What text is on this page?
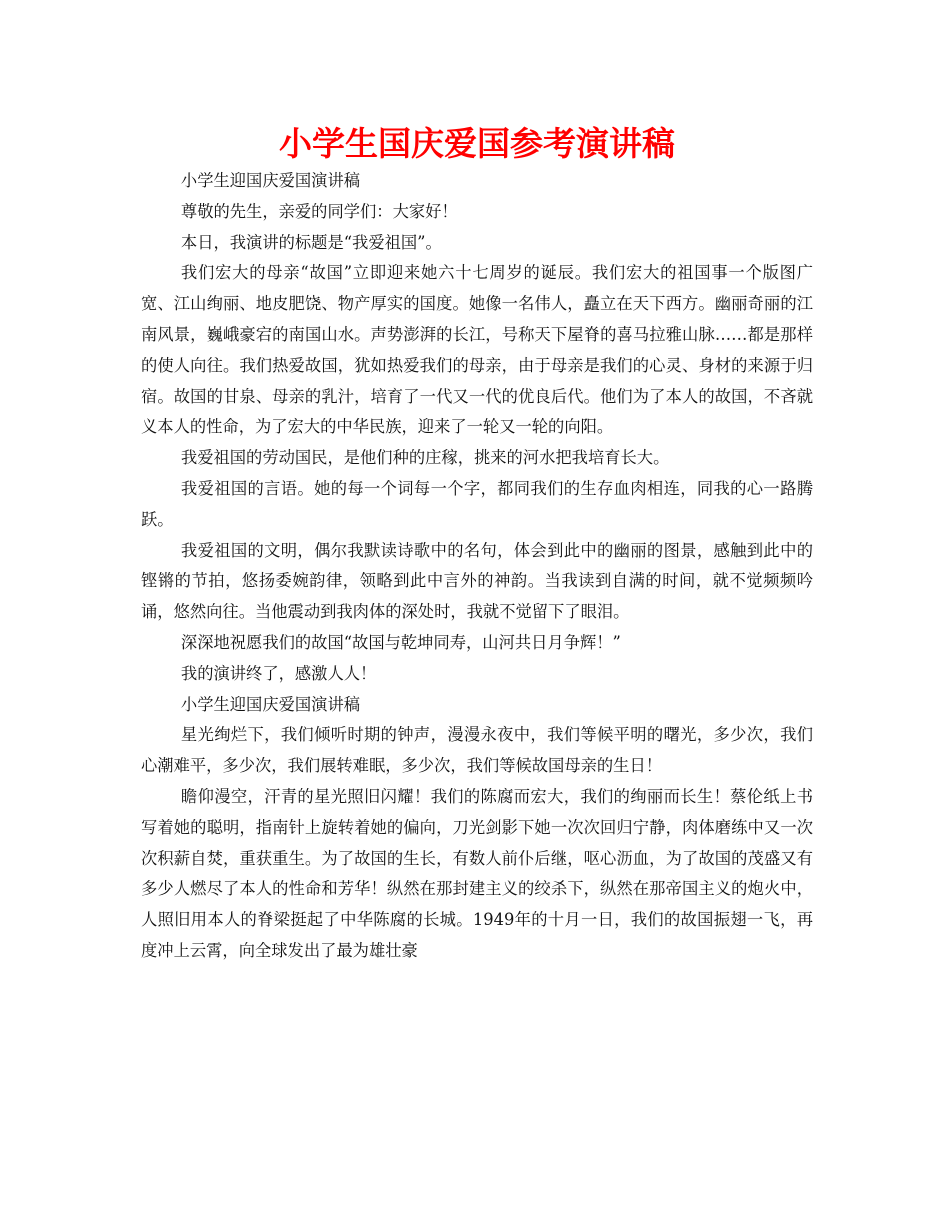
小学生国庆爱国参考演讲稿

小学生迎国庆爱国演讲稿

尊敬的先生，亲爱的同学们：大家好！

本日，我演讲的标题是“我爱祖国”。

我们宏大的母亲“故国”立即迎来她六十七周岁的诞辰。我们宏大的祖国事一个版图广宽、江山绚丽、地皮肥饶、物产厚实的国度。她像一名伟人，矗立在天下西方。幽丽奇丽的江南风景，巍峨豪宕的南国山水。声势澎湃的长江，号称天下屋脊的喜马拉雅山脉……都是那样的使人向往。我们热爱故国，犹如热爱我们的母亲，由于母亲是我们的心灵、身材的来源于归宿。故国的甘泉、母亲的乳汁，培育了一代又一代的优良后代。他们为了本人的故国，不吝就义本人的性命，为了宏大的中华民族，迎来了一轮又一轮的向阳。

我爱祖国的劳动国民，是他们种的庄稼，挑来的河水把我培育长大。

我爱祖国的言语。她的每一个词每一个字，都同我们的生存血肉相连，同我的心一路腾跃。

我爱祖国的文明，偶尔我默读诗歌中的名句，体会到此中的幽丽的图景，感触到此中的铿锵的节拍，悠扬委婉韵律，领略到此中言外的神韵。当我读到自满的时间，就不觉频频吟诵，悠然向往。当他震动到我肉体的深处时，我就不觉留下了眼泪。

深深地祝愿我们的故国“故国与乾坤同寿，山河共日月争辉！”

我的演讲终了，感激人人！

小学生迎国庆爱国演讲稿

星光绚烂下，我们倾听时期的钟声，漫漫永夜中，我们等候平明的曙光，多少次，我们心潮难平，多少次，我们展转难眠，多少次，我们等候故国母亲的生日！

瞻仰漫空，汗青的星光照旧闪耀！我们的陈腐而宏大，我们的绚丽而长生！蔡伦纸上书写着她的聪明，指南针上旋转着她的偏向，刀光剑影下她一次次回归宁静，肉体磨练中又一次次积薪自焚，重获重生。为了故国的生长，有数人前仆后继，呕心沥血，为了故国的茂盛又有多少人燃尽了本人的性命和芳华！纵然在那封建主义的绞杀下，纵然在那帝国主义的炮火中，人照旧用本人的脊梁挺起了中华陈腐的长城。1949年的十月一日，我们的故国振翅一飞，再度冲上云霄，向全球发出了最为雄壮豪
